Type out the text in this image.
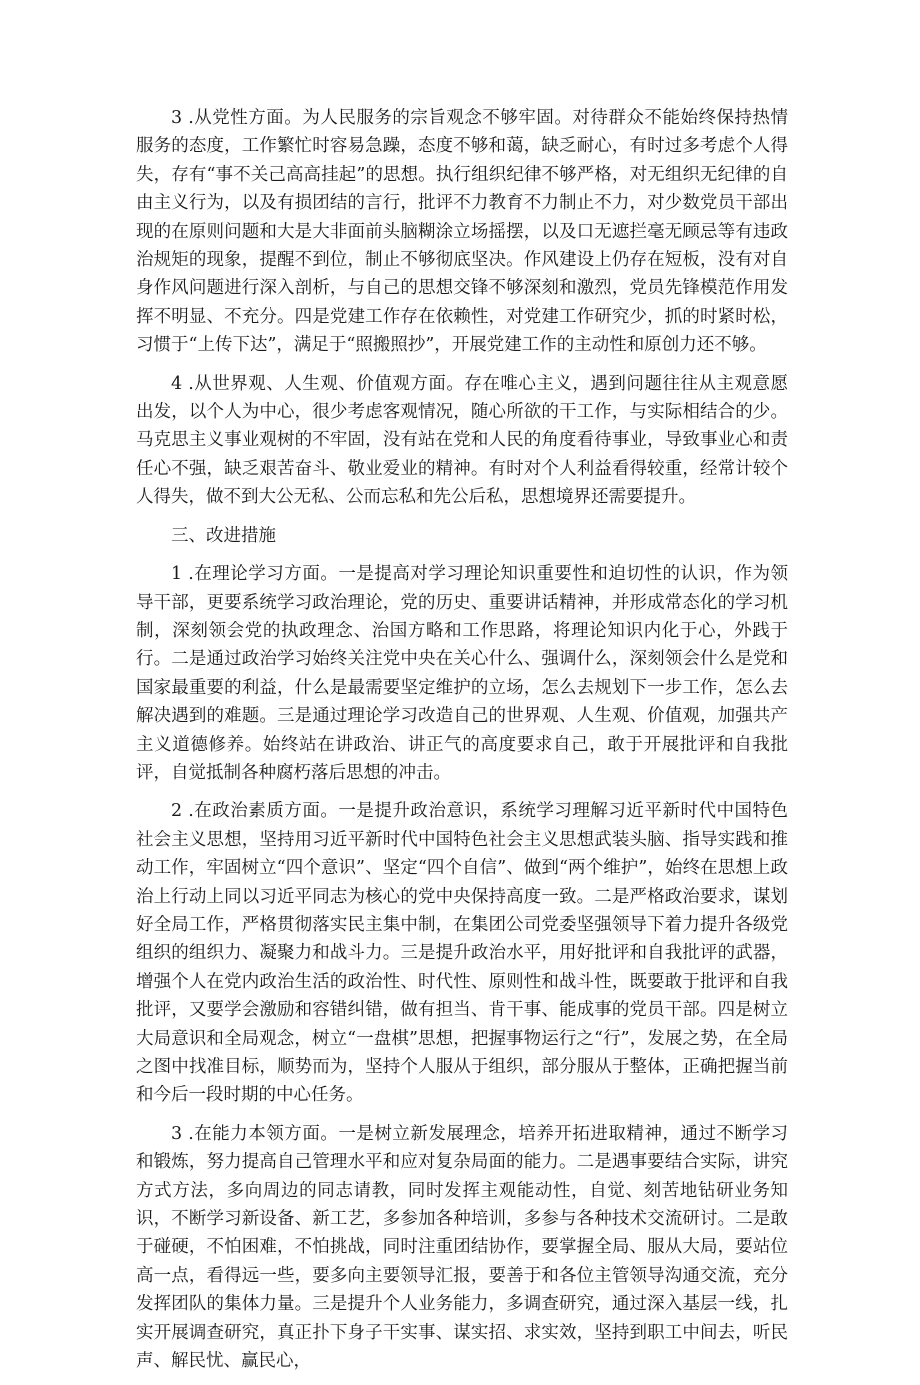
3 .从党性方面。为人民服务的宗旨观念不够牢固。对待群众不能始终保持热情服务的态度，工作繁忙时容易急躁，态度不够和蔼，缺乏耐心，有时过多考虑个人得失，存有“事不关己高高挂起”的思想。执行组织纪律不够严格，对无组织无纪律的自由主义行为，以及有损团结的言行，批评不力教育不力制止不力，对少数党员干部出现的在原则问题和大是大非面前头脑糊涂立场摇摆，以及口无遮拦毫无顾忌等有违政治规矩的现象，提醒不到位，制止不够彻底坚决。作风建设上仍存在短板，没有对自身作风问题进行深入剖析，与自己的思想交锋不够深刻和激烈，党员先锋模范作用发挥不明显、不充分。四是党建工作存在依赖性，对党建工作研究少，抓的时紧时松，习惯于“上传下达”，满足于“照搬照抄”，开展党建工作的主动性和原创力还不够。

4 .从世界观、人生观、价值观方面。存在唯心主义，遇到问题往往从主观意愿出发，以个人为中心，很少考虑客观情况，随心所欲的干工作，与实际相结合的少。马克思主义事业观树的不牢固，没有站在党和人民的角度看待事业，导致事业心和责任心不强，缺乏艰苦奋斗、敬业爱业的精神。有时对个人利益看得较重，经常计较个人得失，做不到大公无私、公而忘私和先公后私，思想境界还需要提升。

三、改进措施

1 .在理论学习方面。一是提高对学习理论知识重要性和迫切性的认识，作为领导干部，更要系统学习政治理论，党的历史、重要讲话精神，并形成常态化的学习机制，深刻领会党的执政理念、治国方略和工作思路，将理论知识内化于心，外践于行。二是通过政治学习始终关注党中央在关心什么、强调什么，深刻领会什么是党和国家最重要的利益，什么是最需要坚定维护的立场，怎么去规划下一步工作，怎么去解决遇到的难题。三是通过理论学习改造自己的世界观、人生观、价值观，加强共产主义道德修养。始终站在讲政治、讲正气的高度要求自己，敢于开展批评和自我批评，自觉抵制各种腐朽落后思想的冲击。

2 .在政治素质方面。一是提升政治意识，系统学习理解习近平新时代中国特色社会主义思想，坚持用习近平新时代中国特色社会主义思想武装头脑、指导实践和推动工作，牢固树立“四个意识”、坚定“四个自信”、做到“两个维护”，始终在思想上政治上行动上同以习近平同志为核心的党中央保持高度一致。二是严格政治要求，谋划好全局工作，严格贯彻落实民主集中制，在集团公司党委坚强领导下着力提升各级党组织的组织力、凝聚力和战斗力。三是提升政治水平，用好批评和自我批评的武器，增强个人在党内政治生活的政治性、时代性、原则性和战斗性，既要敢于批评和自我批评，又要学会激励和容错纠错，做有担当、肯干事、能成事的党员干部。四是树立大局意识和全局观念，树立“一盘棋”思想，把握事物运行之“行”，发展之势，在全局之图中找准目标，顺势而为，坚持个人服从于组织，部分服从于整体，正确把握当前和今后一段时期的中心任务。

3 .在能力本领方面。一是树立新发展理念，培养开拓进取精神，通过不断学习和锻炼，努力提高自己管理水平和应对复杂局面的能力。二是遇事要结合实际，讲究方式方法，多向周边的同志请教，同时发挥主观能动性，自觉、刻苦地钻研业务知识，不断学习新设备、新工艺，多参加各种培训，多参与各种技术交流研讨。二是敢于碰硬，不怕困难，不怕挑战，同时注重团结协作，要掌握全局、服从大局，要站位高一点，看得远一些，要多向主要领导汇报，要善于和各位主管领导沟通交流，充分发挥团队的集体力量。三是提升个人业务能力，多调查研究，通过深入基层一线，扎实开展调查研究，真正扑下身子干实事、谋实招、求实效，坚持到职工中间去，听民声、解民忧、赢民心，
